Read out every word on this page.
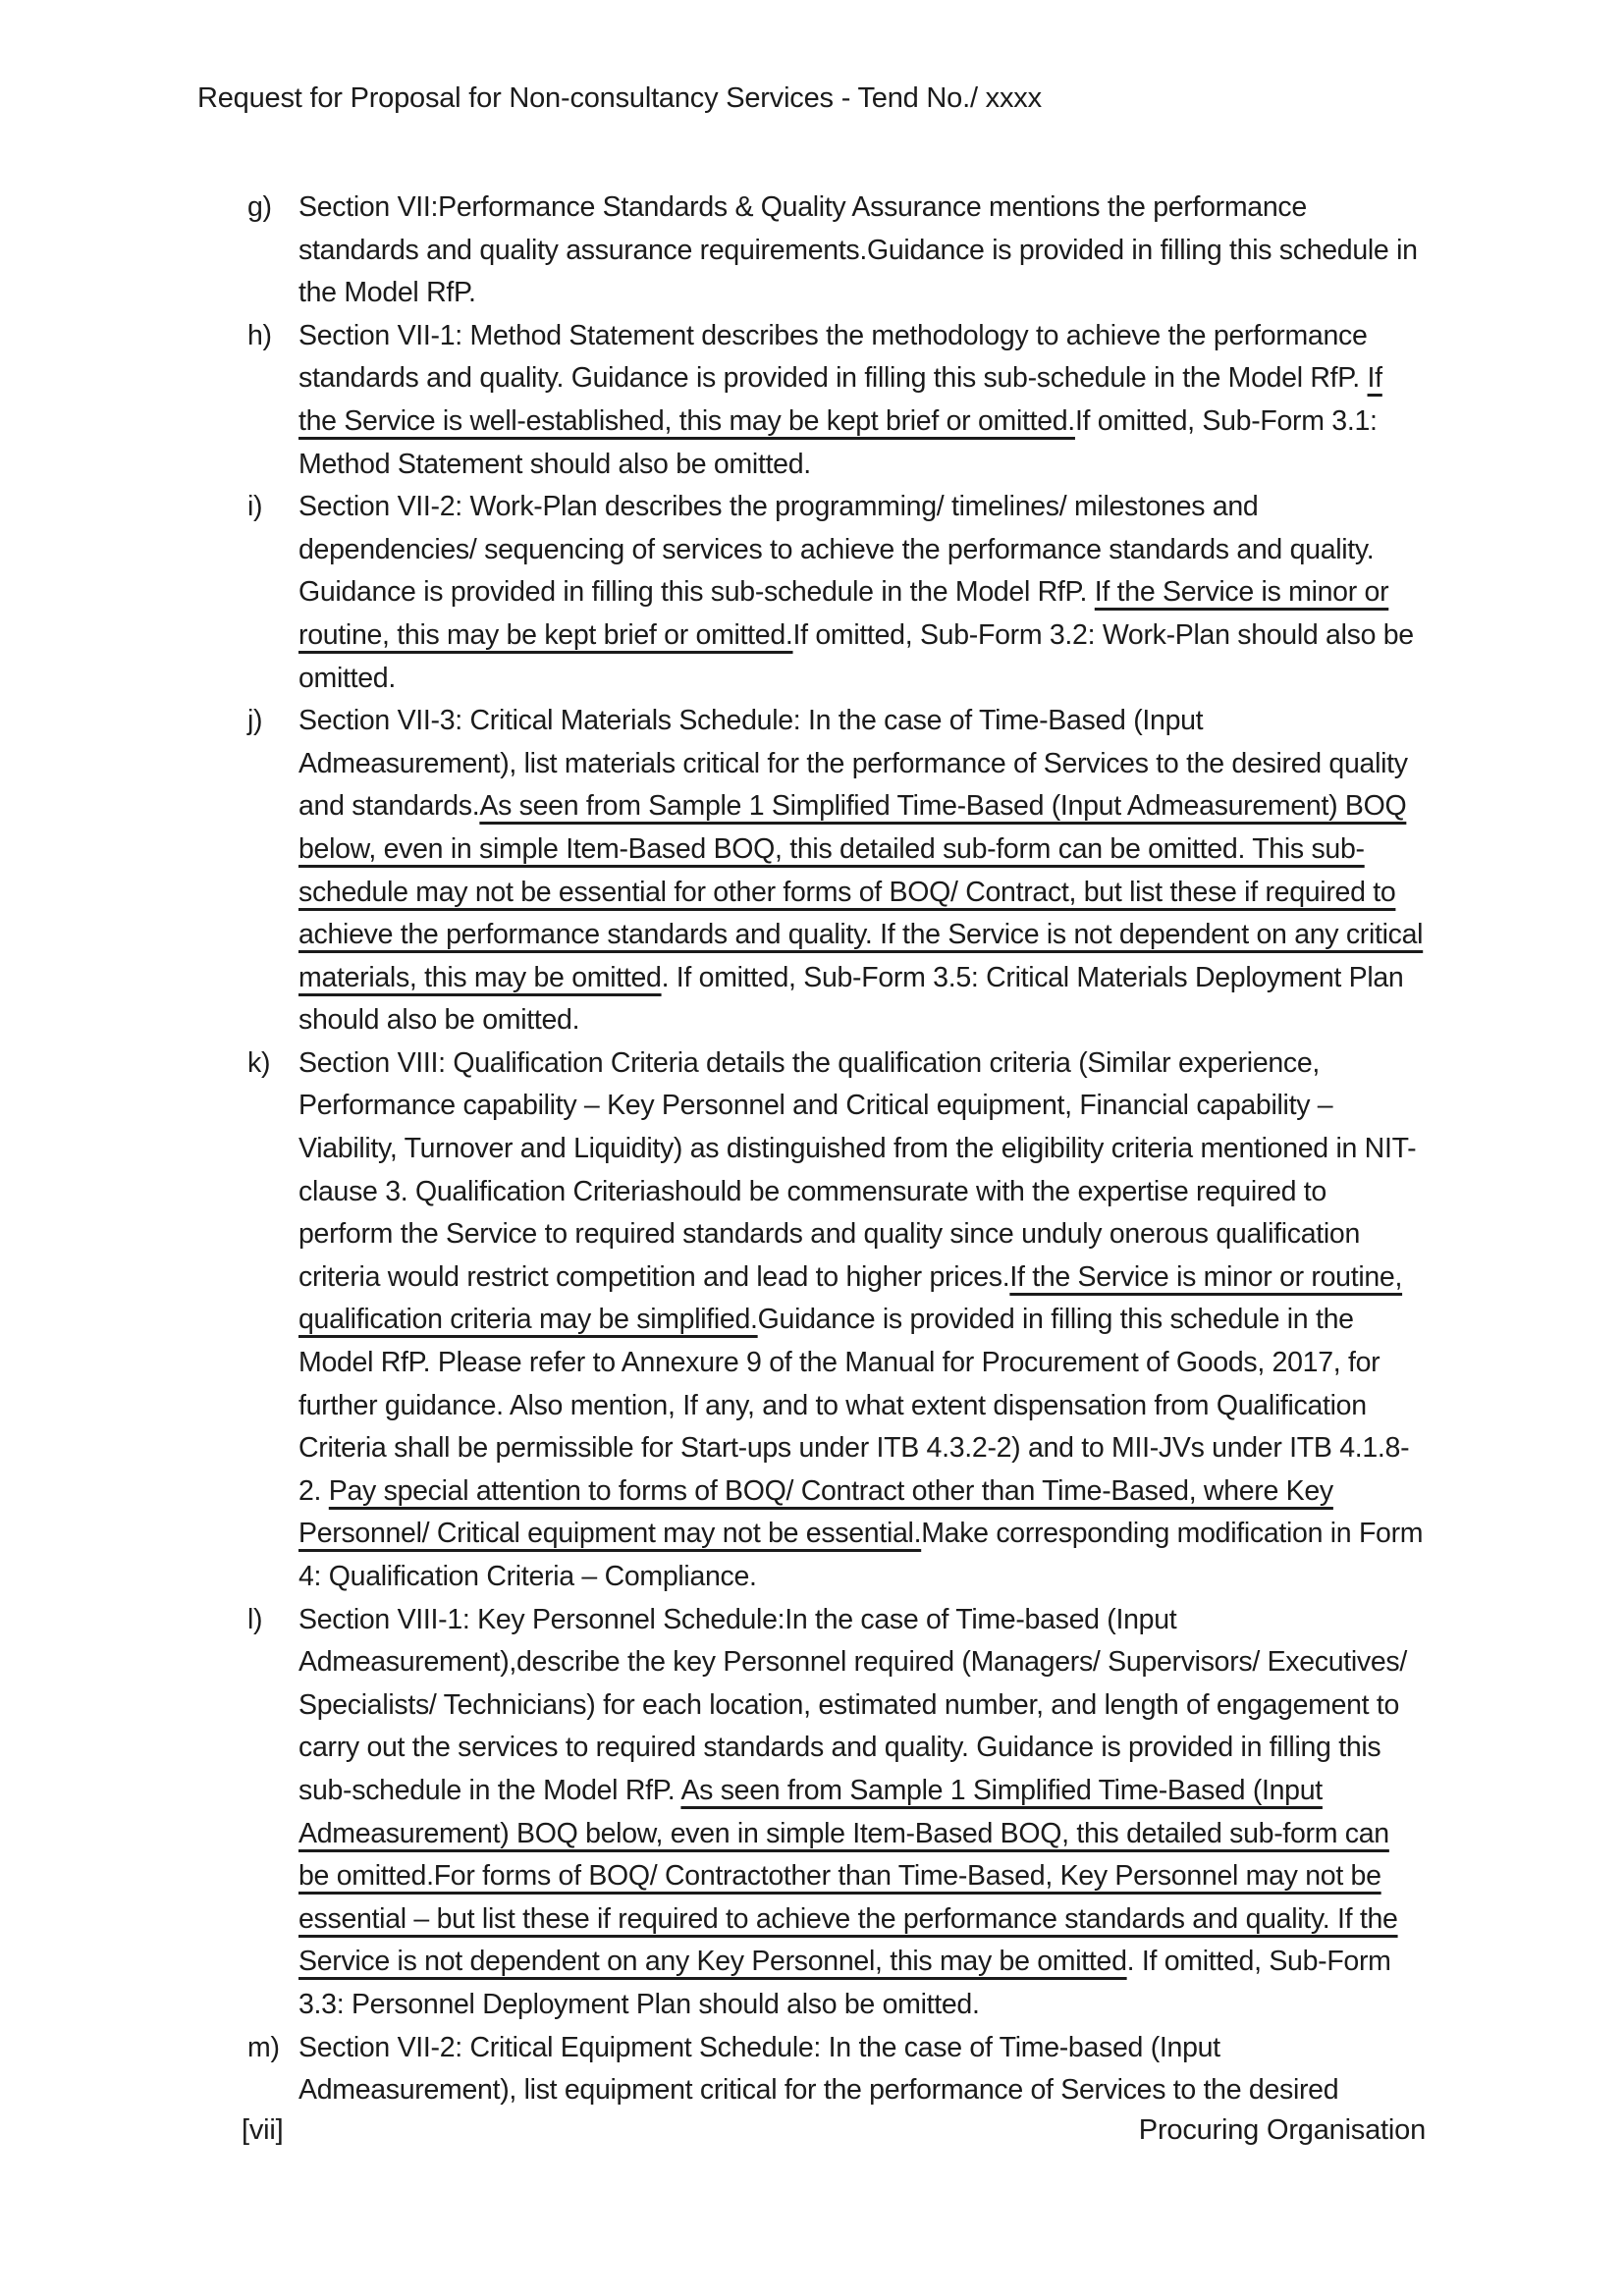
Request for Proposal for Non-consultancy Services - Tend No./ xxxx
g) Section VII:Performance Standards & Quality Assurance mentions the performance standards and quality assurance requirements.Guidance is provided in filling this schedule in the Model RfP.
h) Section VII-1: Method Statement describes the methodology to achieve the performance standards and quality. Guidance is provided in filling this sub-schedule in the Model RfP. If the Service is well-established, this may be kept brief or omitted.If omitted, Sub-Form 3.1: Method Statement should also be omitted.
i)	Section VII-2: Work-Plan describes the programming/ timelines/ milestones and dependencies/ sequencing of services to achieve the performance standards and quality. Guidance is provided in filling this sub-schedule in the Model RfP. If the Service is minor or routine, this may be kept brief or omitted.If omitted, Sub-Form 3.2: Work-Plan should also be omitted.
j)	Section VII-3: Critical Materials Schedule: In the case of Time-Based (Input Admeasurement), list materials critical for the performance of Services to the desired quality and standards.As seen from Sample 1 Simplified Time-Based (Input Admeasurement) BOQ below, even in simple Item-Based BOQ, this detailed sub-form can be omitted. This sub-schedule may not be essential for other forms of BOQ/ Contract, but list these if required to achieve the performance standards and quality. If the Service is not dependent on any critical materials, this may be omitted. If omitted, Sub-Form 3.5: Critical Materials Deployment Plan should also be omitted.
k)	Section VIII: Qualification Criteria details the qualification criteria (Similar experience, Performance capability – Key Personnel and Critical equipment, Financial capability – Viability, Turnover and Liquidity) as distinguished from the eligibility criteria mentioned in NIT-clause 3. Qualification Criteriashould be commensurate with the expertise required to perform the Service to required standards and quality since unduly onerous qualification criteria would restrict competition and lead to higher prices.If the Service is minor or routine, qualification criteria may be simplified.Guidance is provided in filling this schedule in the Model RfP. Please refer to Annexure 9 of the Manual for Procurement of Goods, 2017, for further guidance. Also mention, If any, and to what extent dispensation from Qualification Criteria shall be permissible for Start-ups under ITB 4.3.2-2) and to MII-JVs under ITB 4.1.8-2. Pay special attention to forms of BOQ/ Contract other than Time-Based, where Key Personnel/ Critical equipment may not be essential.Make corresponding modification in Form 4: Qualification Criteria – Compliance.
l)	Section VIII-1: Key Personnel Schedule:In the case of Time-based (Input Admeasurement),describe the key Personnel required (Managers/ Supervisors/ Executives/ Specialists/ Technicians) for each location, estimated number, and length of engagement to carry out the services to required standards and quality. Guidance is provided in filling this sub-schedule in the Model RfP. As seen from Sample 1 Simplified Time-Based (Input Admeasurement) BOQ below, even in simple Item-Based BOQ, this detailed sub-form can be omitted.For forms of BOQ/ Contractother than Time-Based, Key Personnel may not be essential – but list these if required to achieve the performance standards and quality. If the Service is not dependent on any Key Personnel, this may be omitted. If omitted, Sub-Form 3.3: Personnel Deployment Plan should also be omitted.
m) Section VII-2: Critical Equipment Schedule: In the case of Time-based (Input Admeasurement), list equipment critical for the performance of Services to the desired
[vii]	Procuring Organisation
